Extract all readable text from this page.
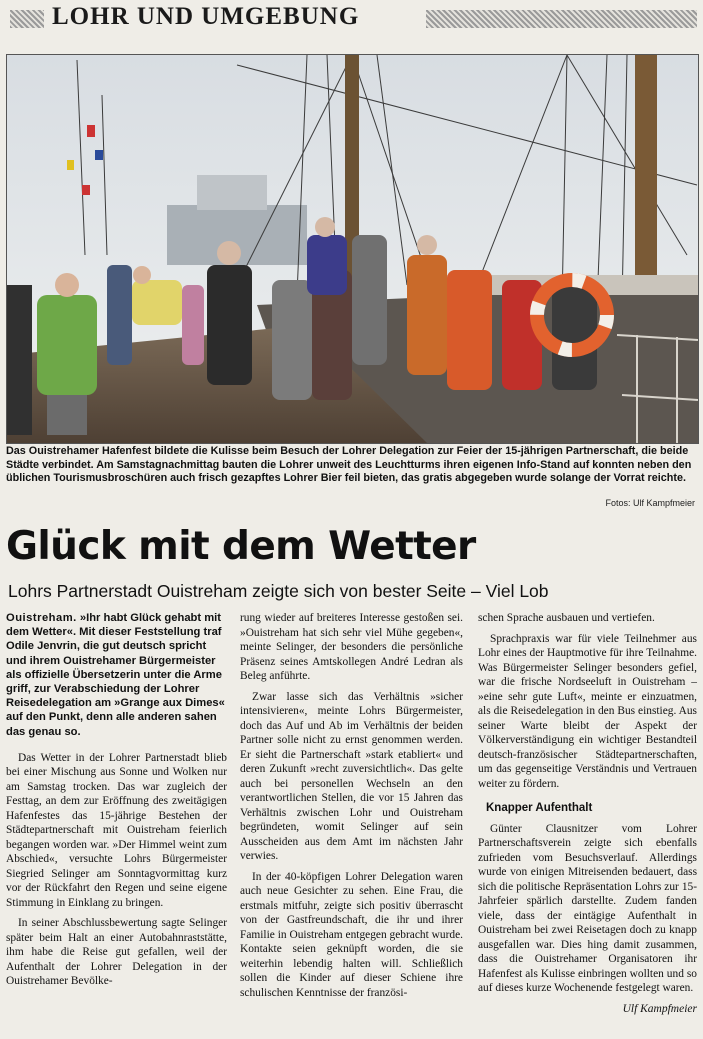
LOHR UND UMGEBUNG

Das Ouistrehamer Hafenfest bildete die Kulisse beim Besuch der Lohrer Delegation zur Feier der 15-jährigen Partnerschaft, die beide Städte verbindet. Am Samstagnachmittag bauten die Lohrer unweit des Leuchtturms ihren eigenen Info-Stand auf konnten neben den üblichen Tourismusbroschüren auch frisch gezapftes Lohrer Bier feil bieten, das gratis abgegeben wurde solange der Vorrat reichte.

Fotos: Ulf Kampfmeier
Glück mit dem Wetter
Lohrs Partnerstadt Ouistreham zeigte sich von bester Seite – Viel Lob

Ouistreham. »Ihr habt Glück gehabt mit dem Wetter«. Mit dieser Feststellung traf Odile Jenvrin, die gut deutsch spricht und ihrem Ouistrehamer Bürgermeister als offizielle Übersetzerin unter die Arme griff, zur Verabschiedung der Lohrer Reisedelegation am »Grange aux Dimes« auf den Punkt, denn alle anderen sahen das genau so.

Das Wetter in der Lohrer Partnerstadt blieb bei einer Mischung aus Sonne und Wolken nur am Samstag trocken. Das war zugleich der Festtag, an dem zur Eröffnung des zweitägigen Hafenfestes das 15-jährige Bestehen der Städtepartnerschaft mit Ouistreham feierlich begangen worden war. »Der Himmel weint zum Abschied«, versuchte Lohrs Bürgermeister Siegried Selinger am Sonntagvormittag kurz vor der Rückfahrt den Regen und seine eigene Stimmung in Einklang zu bringen.

In seiner Abschlussbewertung sagte Selinger später beim Halt an einer Autobahnraststätte, ihm habe die Reise gut gefallen, weil der Aufenthalt der Lohrer Delegation in der Ouistrehamer Bevölke-

rung wieder auf breiteres Interesse gestoßen sei. »Ouistreham hat sich sehr viel Mühe gegeben«, meinte Selinger, der besonders die persönliche Präsenz seines Amtskollegen André Ledran als Beleg anführte.

Zwar lasse sich das Verhältnis »sicher intensivieren«, meinte Lohrs Bürgermeister, doch das Auf und Ab im Verhältnis der beiden Partner solle nicht zu ernst genommen werden. Er sieht die Partnerschaft »stark etabliert« und deren Zukunft »recht zuversichtlich«. Das gelte auch bei personellen Wechseln an den verantwortlichen Stellen, die vor 15 Jahren das Verhältnis zwischen Lohr und Ouistreham begründeten, womit Selinger auf sein Ausscheiden aus dem Amt im nächsten Jahr verwies.

In der 40-köpfigen Lohrer Delegation waren auch neue Gesichter zu sehen. Eine Frau, die erstmals mitfuhr, zeigte sich positiv überrascht von der Gastfreundschaft, die ihr und ihrer Familie in Ouistreham entgegen gebracht wurde. Kontakte seien geknüpft worden, die sie weiterhin lebendig halten will. Schließlich sollen die Kinder auf dieser Schiene ihre schulischen Kenntnisse der französi-

schen Sprache ausbauen und vertiefen.

Sprachpraxis war für viele Teilnehmer aus Lohr eines der Hauptmotive für ihre Teilnahme. Was Bürgermeister Selinger besonders gefiel, war die frische Nordseeluft in Ouistreham – »eine sehr gute Luft«, meinte er einzuatmen, als die Reisedelegation in den Bus einstieg. Aus seiner Warte bleibt der Aspekt der Völkerverständigung ein wichtiger Bestandteil deutsch-französischer Städtepartnerschaften, um das gegenseitige Verständnis und Vertrauen weiter zu fördern.

Knapper Aufenthalt

Günter Clausnitzer vom Lohrer Partnerschaftsverein zeigte sich ebenfalls zufrieden vom Besuchsverlauf. Allerdings wurde von einigen Mitreisenden bedauert, dass sich die politische Repräsentation Lohrs zur 15-Jahrfeier spärlich darstellte. Zudem fanden viele, dass der eintägige Aufenthalt in Ouistreham bei zwei Reisetagen doch zu knapp ausgefallen war. Dies hing damit zusammen, dass die Ouistrehamer Organisatoren ihr Hafenfest als Kulisse einbringen wollten und so auf dieses kurze Wochenende festgelegt waren.

Ulf Kampfmeier
